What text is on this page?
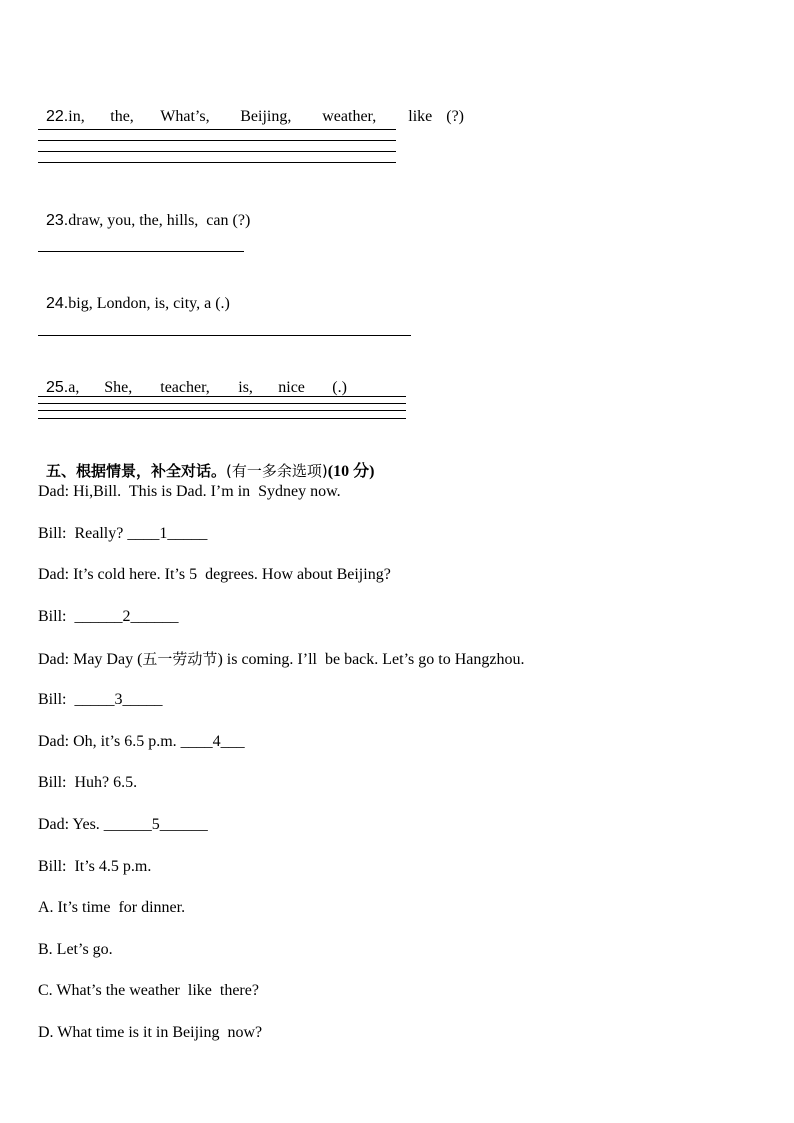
22.in, the, What’s, Beijing, weather, like (?)

23.draw, you, the, hills,  can (?)

24.big, London, is, city, a (.)

25.a, She, teacher, is, nice (.)

五、根据情景，补全对话。(有一多余选项)(10 分)

Dad: Hi,Bill.  This is Dad. I’m in  Sydney now.
Bill:  Really? ____1_____
Dad: It’s cold here. It’s 5  degrees. How about Beijing?
Bill:  ______2______
Dad: May Day (五一劳动节) is coming. I’ll  be back. Let’s go to Hangzhou.
Bill:  _____3_____
Dad: Oh, it’s 6.5 p.m. ____4___
Bill:  Huh? 6.5.
Dad: Yes. ______5______
Bill:  It’s 4.5 p.m.
A. It’s time  for dinner.
B. Let’s go.
C. What’s the weather  like  there?
D. What time is it in Beijing  now?
